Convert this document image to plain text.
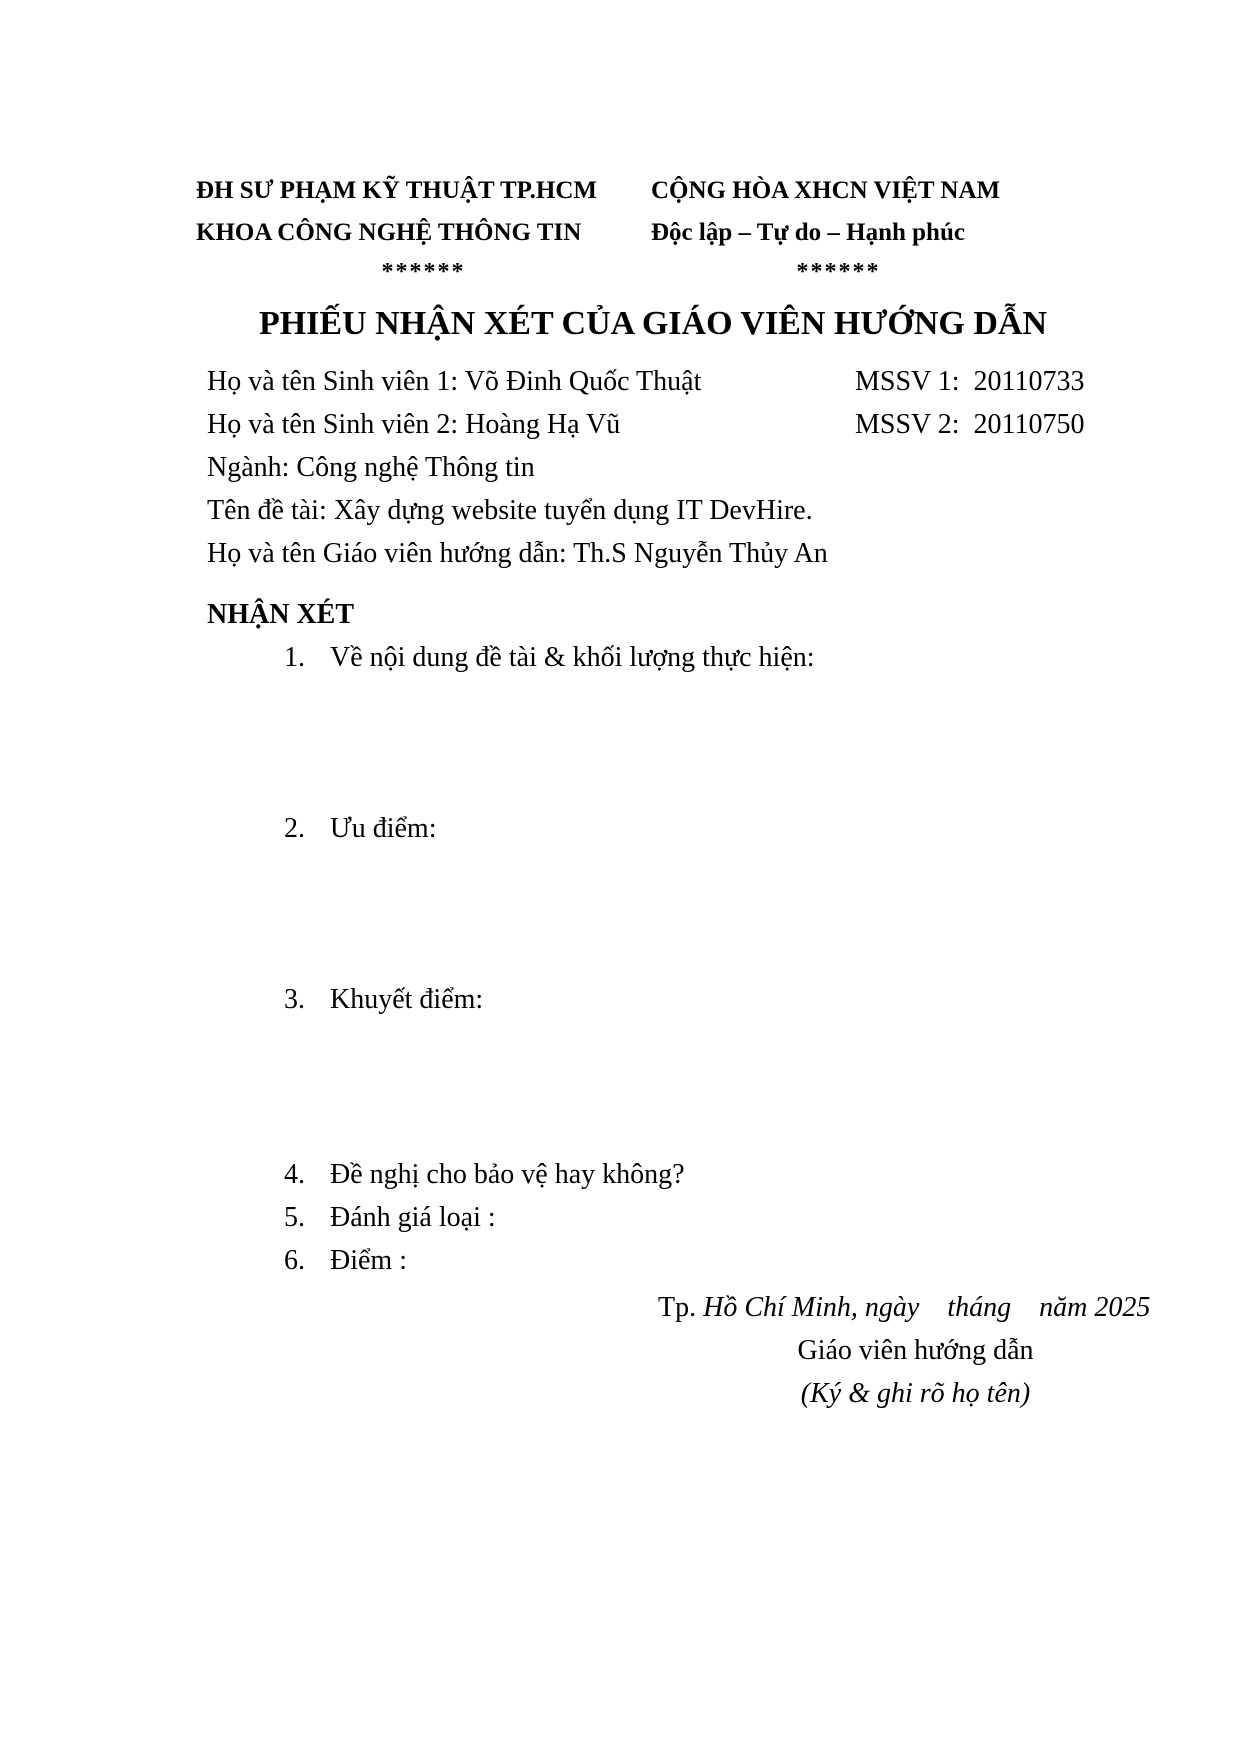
ĐH SƯ PHẠM KỸ THUẬT TP.HCM
KHOA CÔNG NGHỆ THÔNG TIN
******
CỘNG HÒA XHCN VIỆT NAM
Độc lập – Tự do – Hạnh phúc
******
PHIẾU NHẬN XÉT CỦA GIÁO VIÊN HƯỚNG DẪN
Họ và tên Sinh viên 1: Võ Đinh Quốc Thuật	MSSV 1: 20110733
Họ và tên Sinh viên 2: Hoàng Hạ Vũ	MSSV 2: 20110750
Ngành: Công nghệ Thông tin
Tên đề tài: Xây dựng website tuyển dụng IT DevHire.
Họ và tên Giáo viên hướng dẫn: Th.S Nguyễn Thủy An
NHẬN XÉT
1. Về nội dung đề tài & khối lượng thực hiện:
2. Ưu điểm:
3. Khuyết điểm:
4. Đề nghị cho bảo vệ hay không?
5. Đánh giá loại :
6. Điểm :
Tp. Hồ Chí Minh, ngày    tháng    năm 2025
Giáo viên hướng dẫn
(Ký & ghi rõ họ tên)
